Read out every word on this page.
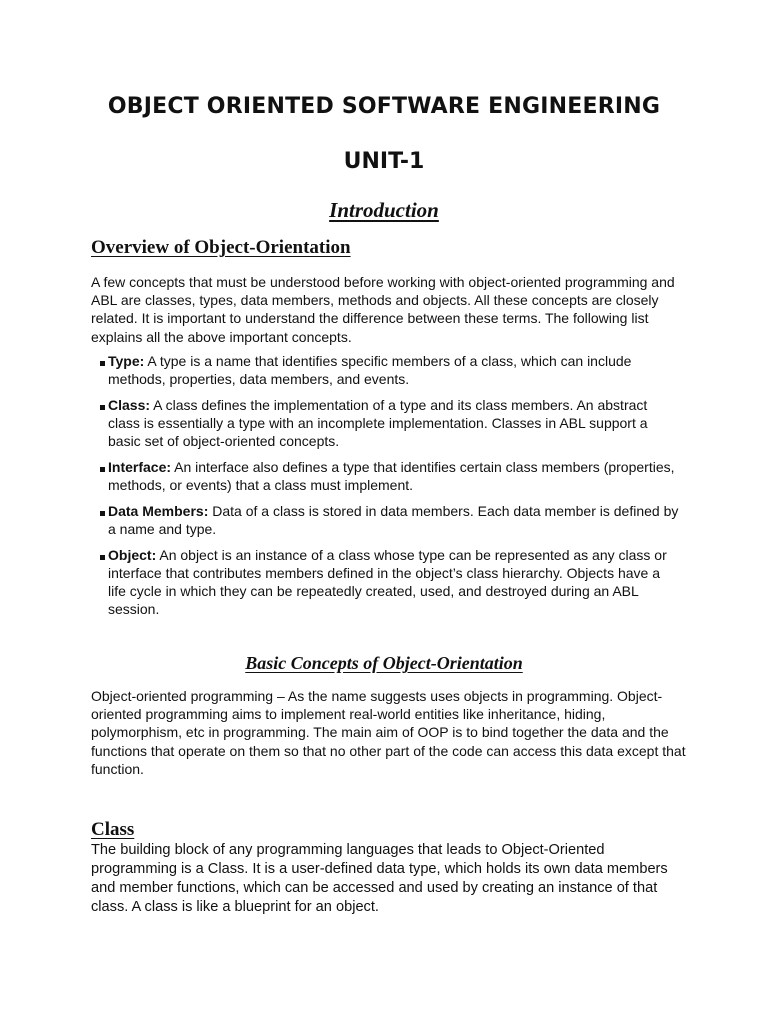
OBJECT ORIENTED SOFTWARE ENGINEERING
UNIT-1
Introduction
Overview of Object-Orientation

A few concepts that must be understood before working with object-oriented programming and ABL are classes, types, data members, methods and objects. All these concepts are closely related. It is important to understand the difference between these terms. The following list explains all the above important concepts.

Type: A type is a name that identifies specific members of a class, which can include methods, properties, data members, and events.
Class: A class defines the implementation of a type and its class members. An abstract class is essentially a type with an incomplete implementation. Classes in ABL support a basic set of object-oriented concepts.
Interface: An interface also defines a type that identifies certain class members (properties, methods, or events) that a class must implement.
Data Members: Data of a class is stored in data members. Each data member is defined by a name and type.
Object: An object is an instance of a class whose type can be represented as any class or interface that contributes members defined in the object’s class hierarchy. Objects have a life cycle in which they can be repeatedly created, used, and destroyed during an ABL session.
Basic Concepts of Object-Orientation

Object-oriented programming – As the name suggests uses objects in programming. Object-oriented programming aims to implement real-world entities like inheritance, hiding, polymorphism, etc in programming. The main aim of OOP is to bind together the data and the functions that operate on them so that no other part of the code can access this data except that function.

Class

The building block of any programming languages that leads to Object-Oriented programming is a Class. It is a user-defined data type, which holds its own data members and member functions, which can be accessed and used by creating an instance of that class. A class is like a blueprint for an object.
